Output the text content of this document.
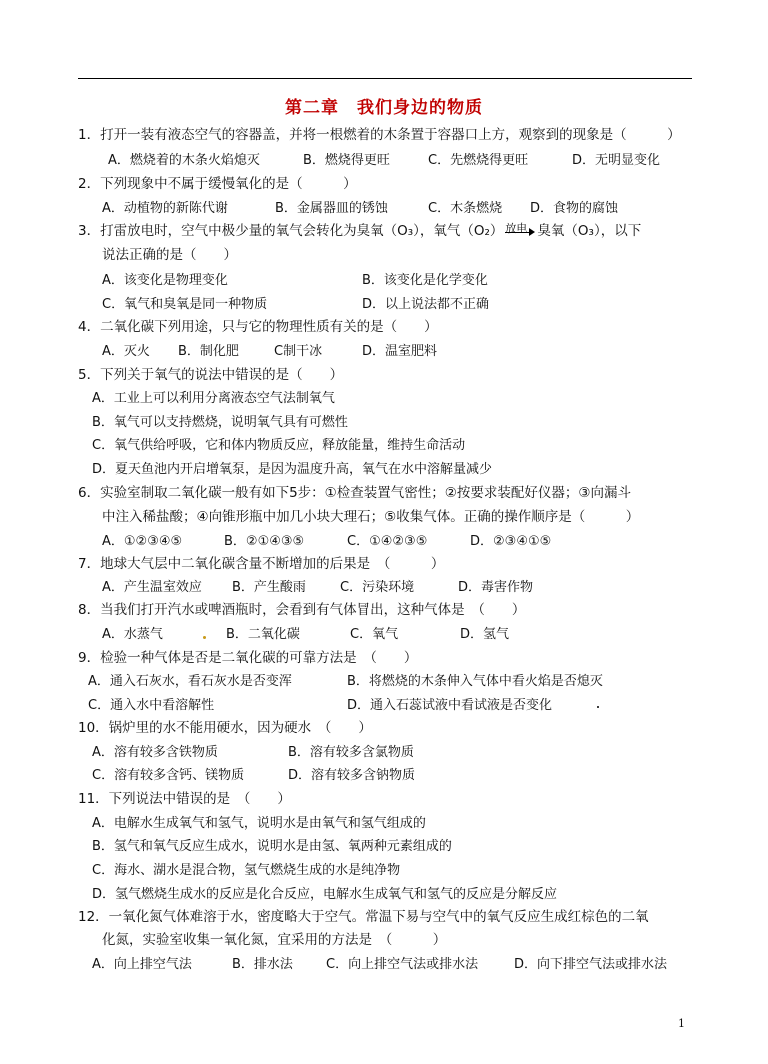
第二章　我们身边的物质
1．打开一装有液态空气的容器盖，并将一根燃着的木条置于容器口上方，观察到的现象是（　　　）
A．燃烧着的木条火焰熄灭	B．燃烧得更旺	C．先燃烧得更旺	D．无明显变化
2．下列现象中不属于缓慢氧化的是（　　　）
A．动植物的新陈代谢	B．金属器皿的锈蚀	C．木条燃烧 D．食物的腐蚀
3．打雷放电时，空气中极少量的氧气会转化为臭氧（O₃），氧气（O₂） 放电 臭氧（O₃），以下
说法正确的是（　　）
A．该变化是物理变化	B．该变化是化学变化
C．氧气和臭氧是同一种物质	D．以上说法都不正确
4．二氧化碳下列用途，只与它的物理性质有关的是（　　）
A．灭火 B．制化肥	C制干冰	D．温室肥料
5．下列关于氧气的说法中错误的是（　　）
A．工业上可以利用分离液态空气法制氧气
B．氧气可以支持燃烧，说明氧气具有可燃性
C．氧气供给呼吸，它和体内物质反应，释放能量，维持生命活动
D．夏天鱼池内开启增氧泵，是因为温度升高，氧气在水中溶解量减少
6．实验室制取二氧化碳一般有如下5步：①检查装置气密性；②按要求装配好仪器；③向漏斗
中注入稀盐酸；④向锥形瓶中加几小块大理石；⑤收集气体。正确的操作顺序是（　　　）
A．①②③④⑤	B．②①④③⑤	C．①④②③⑤	D．②③④①⑤
7．地球大气层中二氧化碳含量不断增加的后果是　（　　　）
A．产生温室效应 B．产生酸雨	C．污染环境	D．毒害作物
8．当我们打开汽水或啤酒瓶时，会看到有气体冒出，这种气体是　（　　）
A．水蒸气	B．二氧化碳	C．氧气	D．氢气
9．检验一种气体是否是二氧化碳的可靠方法是　（　　）
A．通入石灰水，看石灰水是否变浑	B．将燃烧的木条伸入气体中看火焰是否熄灭
C．通入水中看溶解性	D．通入石蕊试液中看试液是否变化
10．锅炉里的水不能用硬水，因为硬水　（　　）
A．溶有较多含铁物质	B．溶有较多含氯物质
C．溶有较多含钙、镁物质	D．溶有较多含钠物质
11．下列说法中错误的是　（　　）
A．电解水生成氧气和氢气，说明水是由氧气和氢气组成的
B．氢气和氧气反应生成水，说明水是由氢、氧两种元素组成的
C．海水、湖水是混合物，氢气燃烧生成的水是纯净物
D．氢气燃烧生成水的反应是化合反应，电解水生成氧气和氢气的反应是分解反应
12．一氧化氮气体难溶于水，密度略大于空气。常温下易与空气中的氧气反应生成红棕色的二氧
化氮，实验室收集一氧化氮，宜采用的方法是　（　　　）
A．向上排空气法	B．排水法	C．向上排空气法或排水法	D．向下排空气法或排水法
1
